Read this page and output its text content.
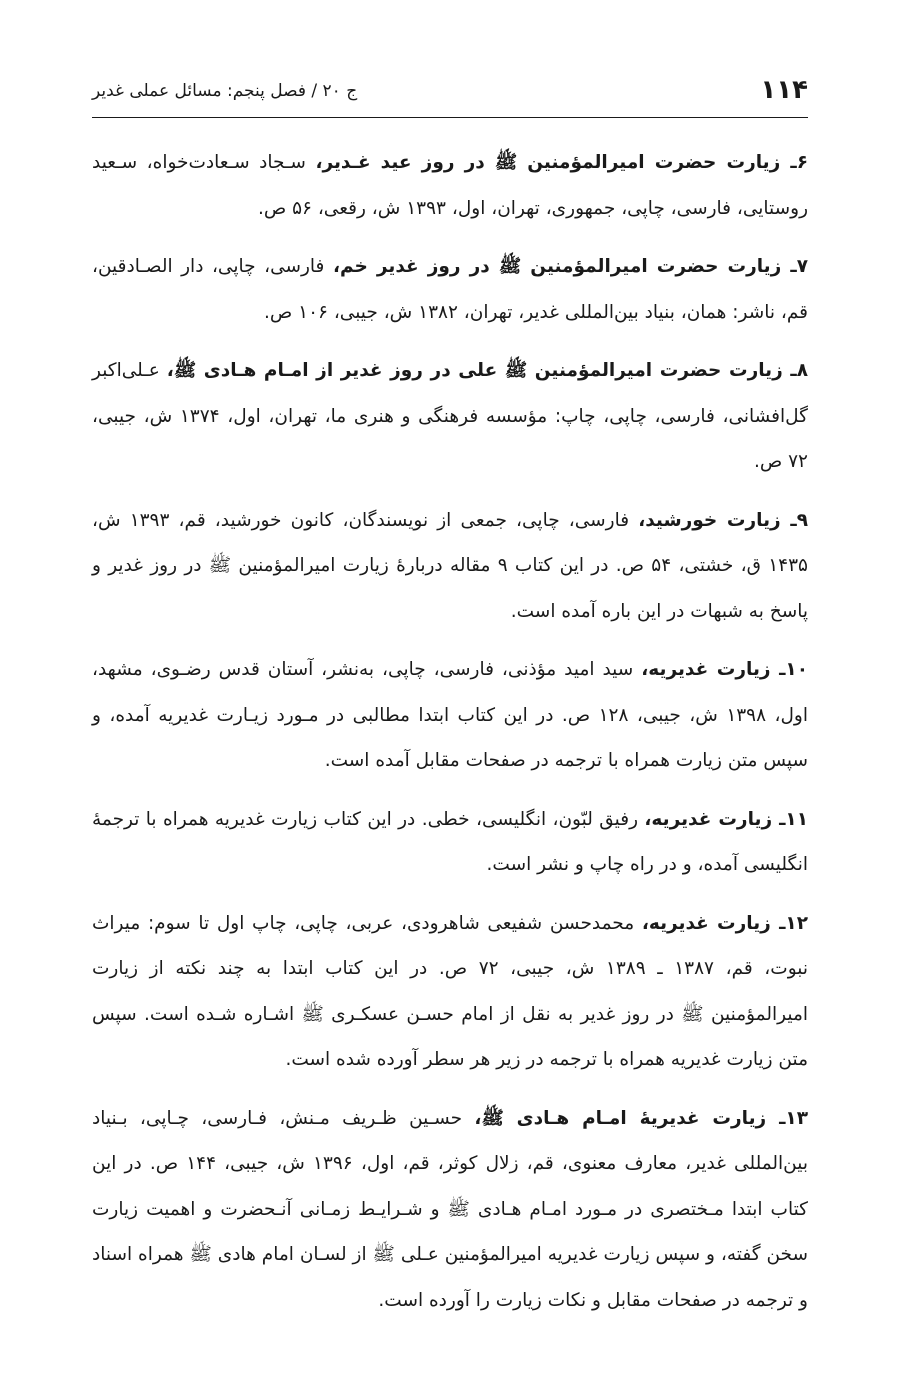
۱۱۴
ج ۲۰ / فصل پنجم: مسائل عملی غدیر

۶ـ زیارت حضرت امیرالمؤمنین ﷺ در روز عید غـدیر، سـجاد سـعادت‌خواه، سـعید روستایی، فارسی، چاپی، جمهوری، تهران، اول، ۱۳۹۳ ش، رقعی، ۵۶ ص.

۷ـ زیارت حضرت امیرالمؤمنین ﷺ در روز غدیر خم، فارسی، چاپی، دار الصـادقین، قم، ناشر: همان، بنیاد بین‌المللی غدیر، تهران، ۱۳۸۲ ش، جیبی، ۱۰۶ ص.

۸ـ زیارت حضرت امیرالمؤمنین ﷺ علی در روز غدیر از امـام هـادی ﷺ، عـلی‌اکبر گل‌افشانی، فارسی، چاپی، چاپ: مؤسسه فرهنگی و هنری ما، تهران، اول، ۱۳۷۴ ش، جیبی، ۷۲ ص.

۹ـ زیارت خورشید، فارسی، چاپی، جمعی از نویسندگان، کانون خورشید، قم، ۱۳۹۳ ش، ۱۴۳۵ ق، خشتی، ۵۴ ص. در این کتاب ۹ مقاله دربارۀ زیارت امیرالمؤمنین ﷺ در روز غدیر و پاسخ به شبهات در این باره آمده است.

۱۰ـ زیارت غدیریه، سید امید مؤذنی، فارسی، چاپی، به‌نشر، آستان قدس رضـوی، مشهد، اول، ۱۳۹۸ ش، جیبی، ۱۲۸ ص. در این کتاب ابتدا مطالبی در مـورد زیـارت غدیریه آمده، و سپس متن زیارت همراه با ترجمه در صفحات مقابل آمده است.

۱۱ـ زیارت غدیریه، رفیق لبّون، انگلیسی، خطی. در این کتاب زیارت غدیریه همراه با ترجمۀ انگلیسی آمده، و در راه چاپ و نشر است.

۱۲ـ زیارت غدیریه، محمدحسن شفیعی شاهرودی، عربی، چاپی، چاپ اول تا سوم: میراث نبوت، قم، ۱۳۸۷ ـ ۱۳۸۹ ش، جیبی، ۷۲ ص. در این کتاب ابتدا به چند نکته از زیارت امیرالمؤمنین ﷺ در روز غدیر به نقل از امام حسـن عسکـری ﷺ اشـاره شـده است. سپس متن زیارت غدیریه همراه با ترجمه در زیر هر سطر آورده شده است.

۱۳ـ زیارت غدیریۀ امـام هـادی ﷺ، حسـین ظـریف مـنش، فـارسی، چـاپی، بـنیاد بین‌المللی غدیر، معارف معنوی، قم، زلال کوثر، قم، اول، ۱۳۹۶ ش، جیبی، ۱۴۴ ص. در این کتاب ابتدا مـختصری در مـورد امـام هـادی ﷺ و شـرایـط زمـانی آنـحضرت و اهمیت زیارت سخن گفته، و سپس زیارت غدیریه امیرالمؤمنین عـلی ﷺ از لسـان امام هادی ﷺ همراه اسناد و ترجمه در صفحات مقابل و نکات زیارت را آورده است.
